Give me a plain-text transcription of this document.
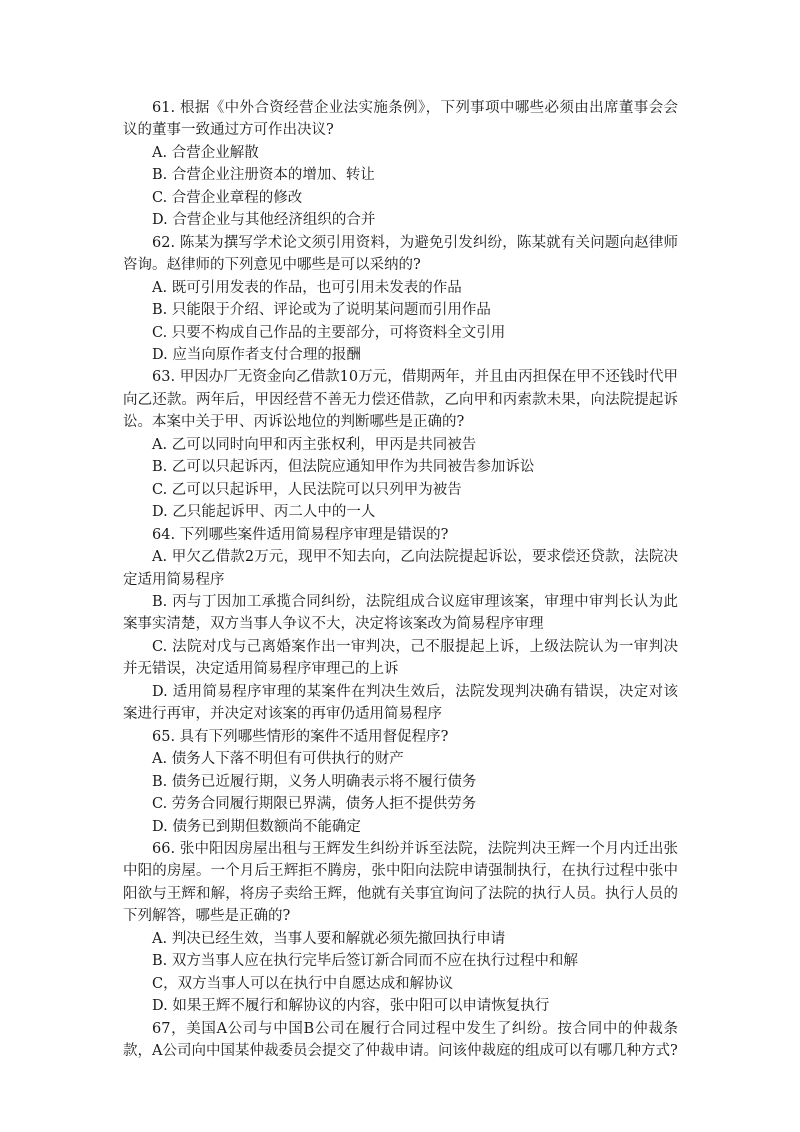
61. 根据《中外合资经营企业法实施条例》，下列事项中哪些必须由出席董事会会议的董事一致通过方可作出决议?

A. 合营企业解散

B. 合营企业注册资本的增加、转让

C. 合营企业章程的修改

D. 合营企业与其他经济组织的合并

62. 陈某为撰写学术论文须引用资料，为避免引发纠纷，陈某就有关问题向赵律师咨询。赵律师的下列意见中哪些是可以采纳的?

A. 既可引用发表的作品，也可引用未发表的作品

B. 只能限于介绍、评论或为了说明某问题而引用作品

C. 只要不构成自己作品的主要部分，可将资料全文引用

D. 应当向原作者支付合理的报酬

63. 甲因办厂无资金向乙借款10万元，借期两年，并且由丙担保在甲不还钱时代甲向乙还款。两年后，甲因经营不善无力偿还借款，乙向甲和丙索款未果，向法院提起诉讼。本案中关于甲、丙诉讼地位的判断哪些是正确的?

A. 乙可以同时向甲和丙主张权利，甲丙是共同被告

B. 乙可以只起诉丙，但法院应通知甲作为共同被告参加诉讼

C. 乙可以只起诉甲，人民法院可以只列甲为被告

D. 乙只能起诉甲、丙二人中的一人

64. 下列哪些案件适用简易程序审理是错误的?

A. 甲欠乙借款2万元，现甲不知去向，乙向法院提起诉讼，要求偿还贷款，法院决定适用简易程序

B. 丙与丁因加工承揽合同纠纷，法院组成合议庭审理该案，审理中审判长认为此案事实清楚，双方当事人争议不大，决定将该案改为简易程序审理

C. 法院对戊与己离婚案作出一审判决，己不服提起上诉，上级法院认为一审判决并无错误，决定适用简易程序审理己的上诉

D. 适用简易程序审理的某案件在判决生效后，法院发现判决确有错误，决定对该案进行再审，并决定对该案的再审仍适用简易程序

65. 具有下列哪些情形的案件不适用督促程序?

A. 债务人下落不明但有可供执行的财产

B. 债务已近履行期，义务人明确表示将不履行债务

C. 劳务合同履行期限已界满，债务人拒不提供劳务

D. 债务已到期但数额尚不能确定

66. 张中阳因房屋出租与王辉发生纠纷并诉至法院，法院判决王辉一个月内迁出张中阳的房屋。一个月后王辉拒不腾房，张中阳向法院申请强制执行，在执行过程中张中阳欲与王辉和解，将房子卖给王辉，他就有关事宜询问了法院的执行人员。执行人员的下列解答，哪些是正确的?

A. 判决已经生效，当事人要和解就必须先撤回执行申请

B. 双方当事人应在执行完毕后签订新合同而不应在执行过程中和解

C，双方当事人可以在执行中自愿达成和解协议

D. 如果王辉不履行和解协议的内容，张中阳可以申请恢复执行

67，美国A公司与中国B公司在履行合同过程中发生了纠纷。按合同中的仲裁条款，A公司向中国某仲裁委员会提交了仲裁申请。问该仲裁庭的组成可以有哪几种方式?
